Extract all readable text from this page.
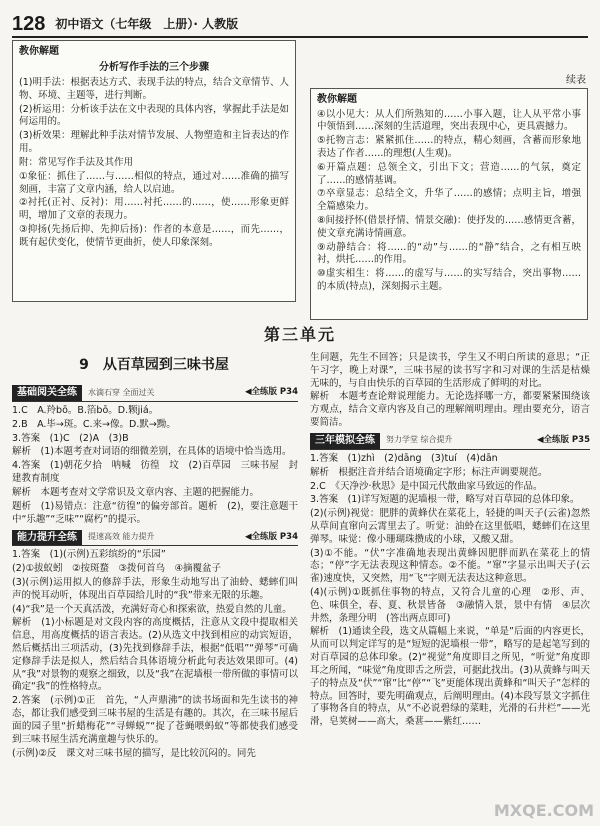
128 初中语文（七年级　上册）· 人教版
续表
教你解题
分析写作手法的三个步骤

(1)明手法：根据表达方式、表现手法的特点，结合文章情节、人物、环境、主题等，进行判断。

(2)析运用：分析该手法在文中表现的具体内容，掌握此手法是如何运用的。

(3)析效果：理解此种手法对情节发展、人物塑造和主旨表达的作用。

附：常见写作手法及其作用

①象征：抓住了……与……相似的特点，通过对……准确的描写刻画，丰富了文章内涵，给人以启迪。

②衬托(正衬、反衬)：用……衬托……的……，使……形象更鲜明，增加了文章的表现力。

③抑扬(先扬后抑、先抑后扬)：作者的本意是……，而先……，既有起伏变化，使情节更曲折，使人印象深刻。

教你解题

④以小见大：从人们所熟知的……小事入题，让人从平常小事中领悟到……深刻的生活道理，突出表现中心，更具震撼力。

⑤托物言志：紧紧抓住……的特点，精心刻画，含蓄而形象地表达了作者……的理想(人生观)。

⑥开篇点题：总领全文，引出下文；营造……的气氛，奠定了……的感情基调。

⑦卒章显志：总结全文，升华了……的感情；点明主旨，增强全篇感染力。

⑧间接抒怀(借景抒情、情景交融)：使抒发的……感情更含蓄，使文章充满诗情画意。

⑨动静结合：将……的“动”与……的“静”结合，之有相互映衬，烘托……的作用。

⑩虚实相生：将……的虚写与……的实写结合，突出事物……的本质(特点)，深刻揭示主题。

第三单元
9　从百草园到三味书屋
基础阅关全练	水滴石穿 全面过关	◀全练版 P34

1.C　A.羚bō。B.箔bō。D.颗jiá。

2.B　A.毕→斑。C.来→像。D.默→黝。

3.答案　(1)C　(2)A　(3)B

解析　(1)本题考查对词语的细微差别，在具体的语境中恰当选用。

4.答案　(1)朝花夕拾　呐喊　彷徨　坟　(2)百草园　三味书屋　封建教育制度

解析　本题考查对文学常识及文章内容、主题的把握能力。

题析　(1)易错点：注意“彷徨”的偏旁部首。题析　(2)，要注意题干中“乐趣”“乏味”“腐朽”的提示。

能力提升全练	提速高效 能力提升	◀全练版 P34

1.答案　(1)(示例)五彩缤纷的“乐园”

(2)①拔蚁蚓　②按斑蝥　③拨何首乌　④摘覆盆子

(3)(示例)运用拟人的修辞手法，形象生动地写出了油蛉、蟋蟀们叫声的悦耳动听，体现出百草园给儿时的“我”带来无限的乐趣。

(4)“我”是一个天真活泼，充满好奇心和探索欲，热爱自然的儿童。

解析　(1)小标题是对文段内容的高度概括，注意从文段中提取相关信息，用高度概括的语言表达。(2)从选文中找到相应的动宾短语，然后概括出三项活动，(3)先找到修辞手法，根据“低唱”“弹琴”可确定修辞手法是拟人，然后结合具体语境分析此句表达效果即可。(4)从“我”对景物的观察之细致，以及“我”在泥墙根一带所做的事情可以确定“我”的性格特点。

2.答案　(示例)①正　首先，“人声鼎沸”的读书场面和先生读书的神态，都让我们感受到三味书屋的生活是有趣的。其次，在三味书屋后面的园子里“折蜡梅花”“寻蝉蜕”“捉了苍蝇喂蚂蚁”等都使我们感受到三味书屋生活充满童趣与快乐的。

(示例)②反　课文对三味书屋的描写，是比较沉闷的。同先

生问题，先生不回答；只是读书，学生又不明白所读的意思；“正午习字，晚上对课”，三味书屋的读书写字和习对课的生活是枯燥无味的，与自由快乐的百草园的生活形成了鲜明的对比。

解析　本题考查论辩说理能力。无论选择哪一方，都要紧紧围绕该方观点，结合文章内容及自己的理解阐明理由。理由要充分，语言要简洁。

三年模拟全练	努力学堂 综合提升	◀全练版 P35

1.答案　(1)zhì　(2)dāng　(3)tuí　(4)dān

解析　根据注音并结合语境确定字形；标注声调要规范。

2.C　《天净沙·秋思》是中国元代散曲家马致远的作品。

3.答案　(1)详写短题的泥墙根一带，略写对百草园的总体印象。

(2)(示例)视觉：肥胖的黄蜂伏在菜花上，轻捷的叫天子(云雀)忽然从草间直窜向云霄里去了。听觉：油蛉在这里低唱，蟋蟀们在这里弹琴。味觉：像小珊瑚珠攒成的小球，又酸又甜。

(3)①不能。“伏”字准确地表现出黄蜂因肥胖而趴在菜花上的情态；“停”字无法表现这种情态。②不能。“窜”字显示出叫天子(云雀)速度快，又突然，用“飞”字则无法表达这种意思。

(4)(示例)①既抓住事物的特点，又符合儿童的心理　②形、声、色、味俱全，春、夏、秋景皆备　③融情入景，景中有情　④层次井然，条理分明　(答出两点即可)

解析　(1)通读全段，选文从篇幅上来说，“单是”后面的内容更长，从而可以判定详写的是“短短的泥墙根一带”，略写的是起笔写到的对百草园的总体印象。(2)“视觉”角度即目之所见，“听觉”角度即耳之所闻，“味觉”角度即舌之所尝，可据此找出。(3)从黄蜂与叫天子的特点及“伏”“窜”比“停”“飞”更能体现出黄蜂和“叫天子”怎样的特点。回答时，要先明确观点，后阐明理由。(4)本段写景文字抓住了事物各自的特点，从“不必说碧绿的菜畦，光滑的石井栏”——光滑，皂荚树——高大，桑葚——紫红……

MXQE.COM
